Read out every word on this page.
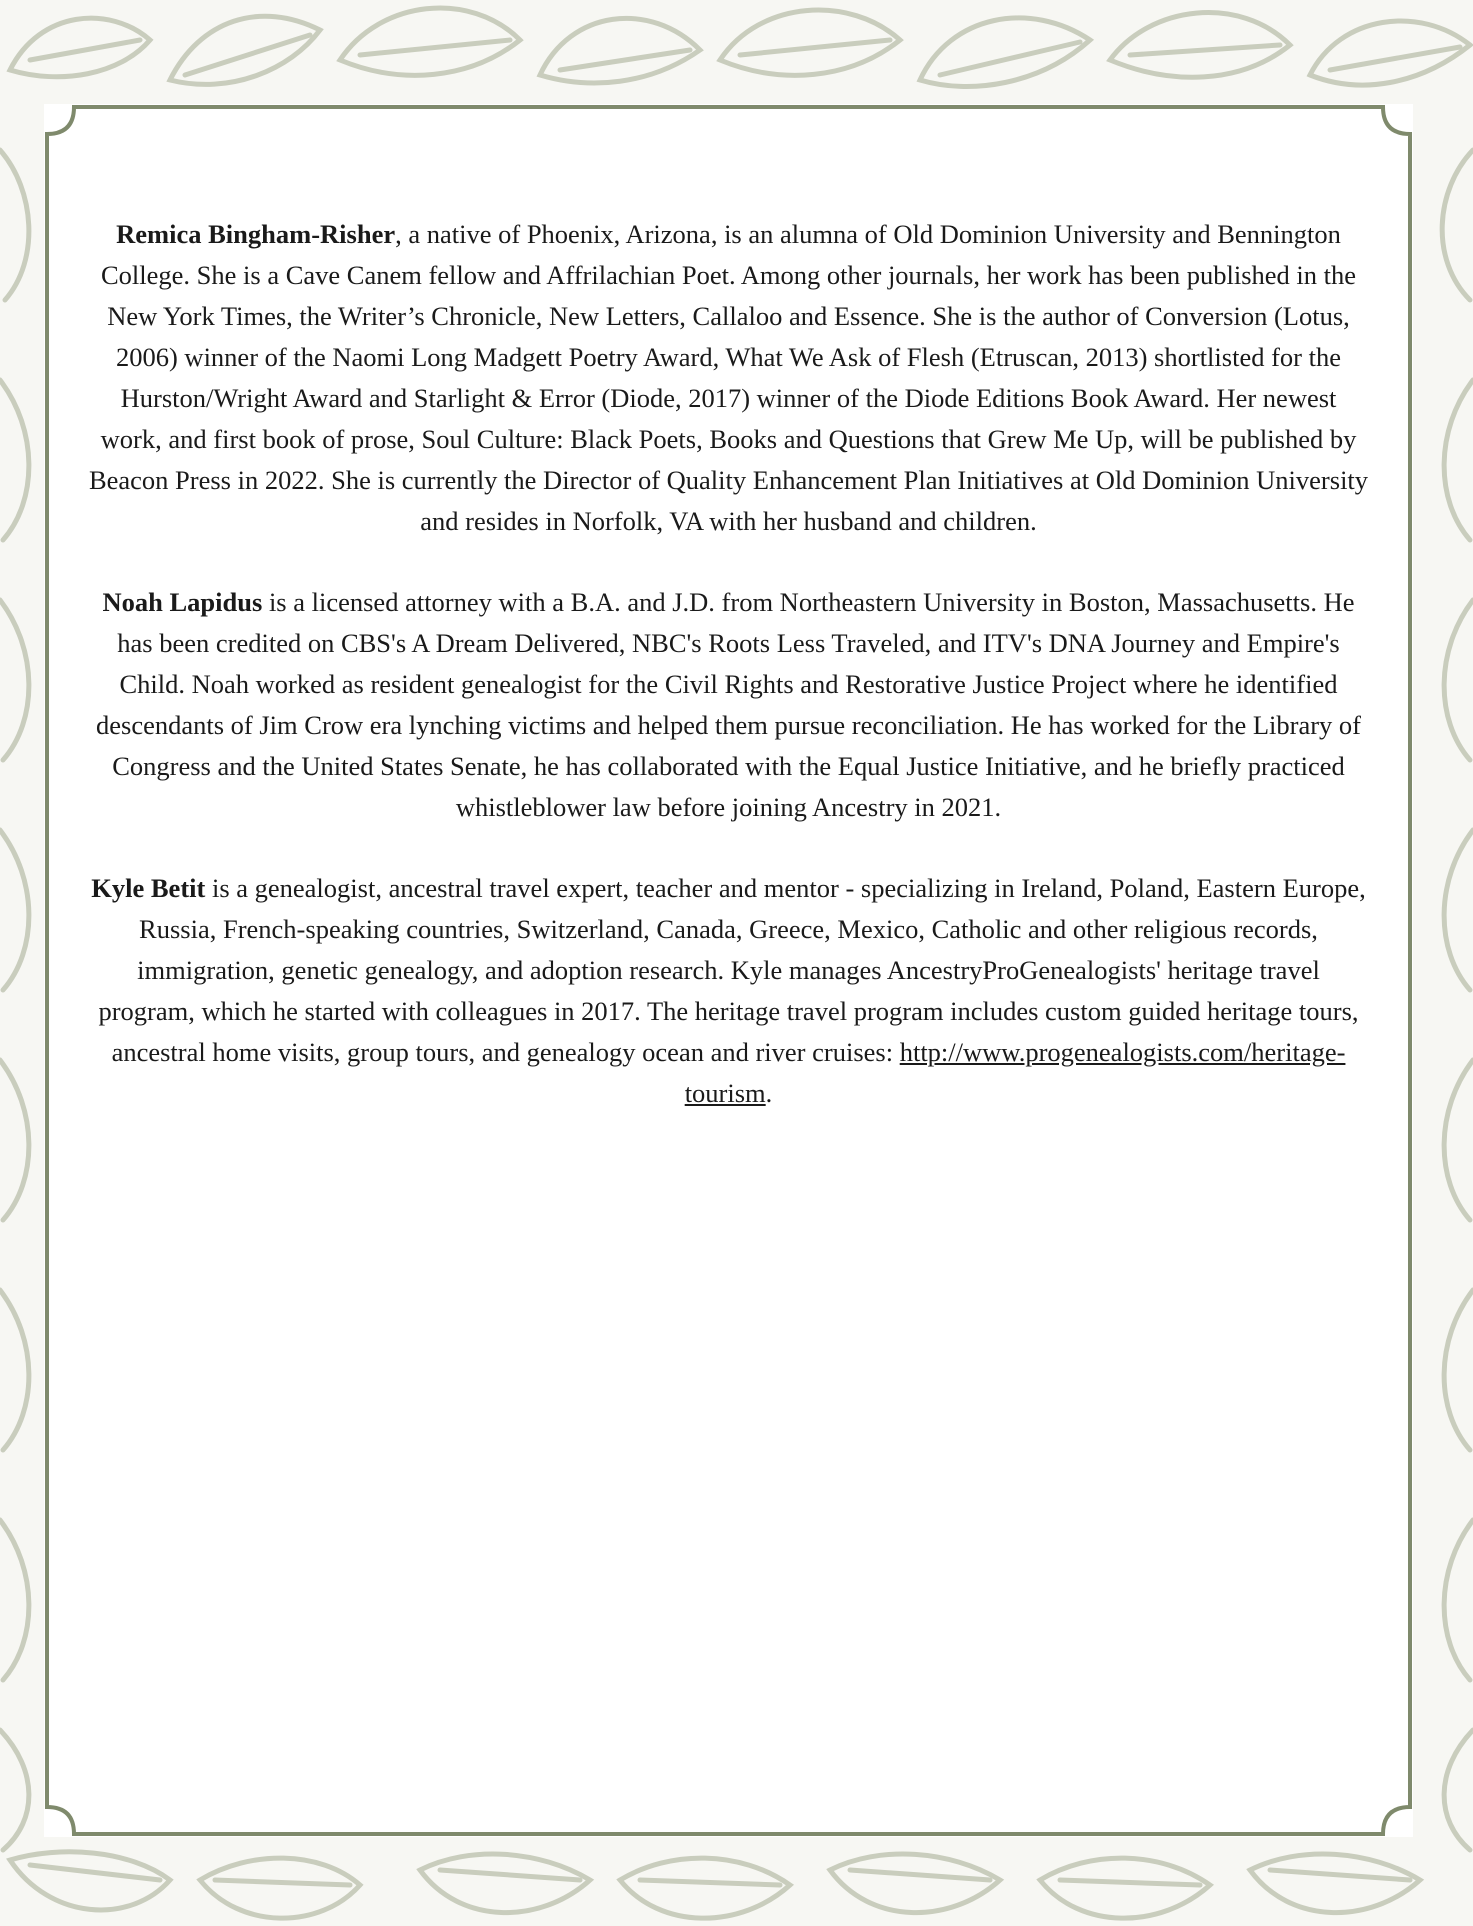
Remica Bingham-Risher, a native of Phoenix, Arizona, is an alumna of Old Dominion University and Bennington College. She is a Cave Canem fellow and Affrilachian Poet. Among other journals, her work has been published in the New York Times, the Writer’s Chronicle, New Letters, Callaloo and Essence. She is the author of Conversion (Lotus, 2006) winner of the Naomi Long Madgett Poetry Award, What We Ask of Flesh (Etruscan, 2013) shortlisted for the Hurston/Wright Award and Starlight & Error (Diode, 2017) winner of the Diode Editions Book Award. Her newest work, and first book of prose, Soul Culture: Black Poets, Books and Questions that Grew Me Up, will be published by Beacon Press in 2022. She is currently the Director of Quality Enhancement Plan Initiatives at Old Dominion University and resides in Norfolk, VA with her husband and children.

Noah Lapidus is a licensed attorney with a B.A. and J.D. from Northeastern University in Boston, Massachusetts. He has been credited on CBS's A Dream Delivered, NBC's Roots Less Traveled, and ITV's DNA Journey and Empire's Child. Noah worked as resident genealogist for the Civil Rights and Restorative Justice Project where he identified descendants of Jim Crow era lynching victims and helped them pursue reconciliation. He has worked for the Library of Congress and the United States Senate, he has collaborated with the Equal Justice Initiative, and he briefly practiced whistleblower law before joining Ancestry in 2021.

Kyle Betit is a genealogist, ancestral travel expert, teacher and mentor - specializing in Ireland, Poland, Eastern Europe, Russia, French-speaking countries, Switzerland, Canada, Greece, Mexico, Catholic and other religious records, immigration, genetic genealogy, and adoption research. Kyle manages AncestryProGenealogists' heritage travel program, which he started with colleagues in 2017. The heritage travel program includes custom guided heritage tours, ancestral home visits, group tours, and genealogy ocean and river cruises: http://www.progenealogists.com/heritage-tourism.
